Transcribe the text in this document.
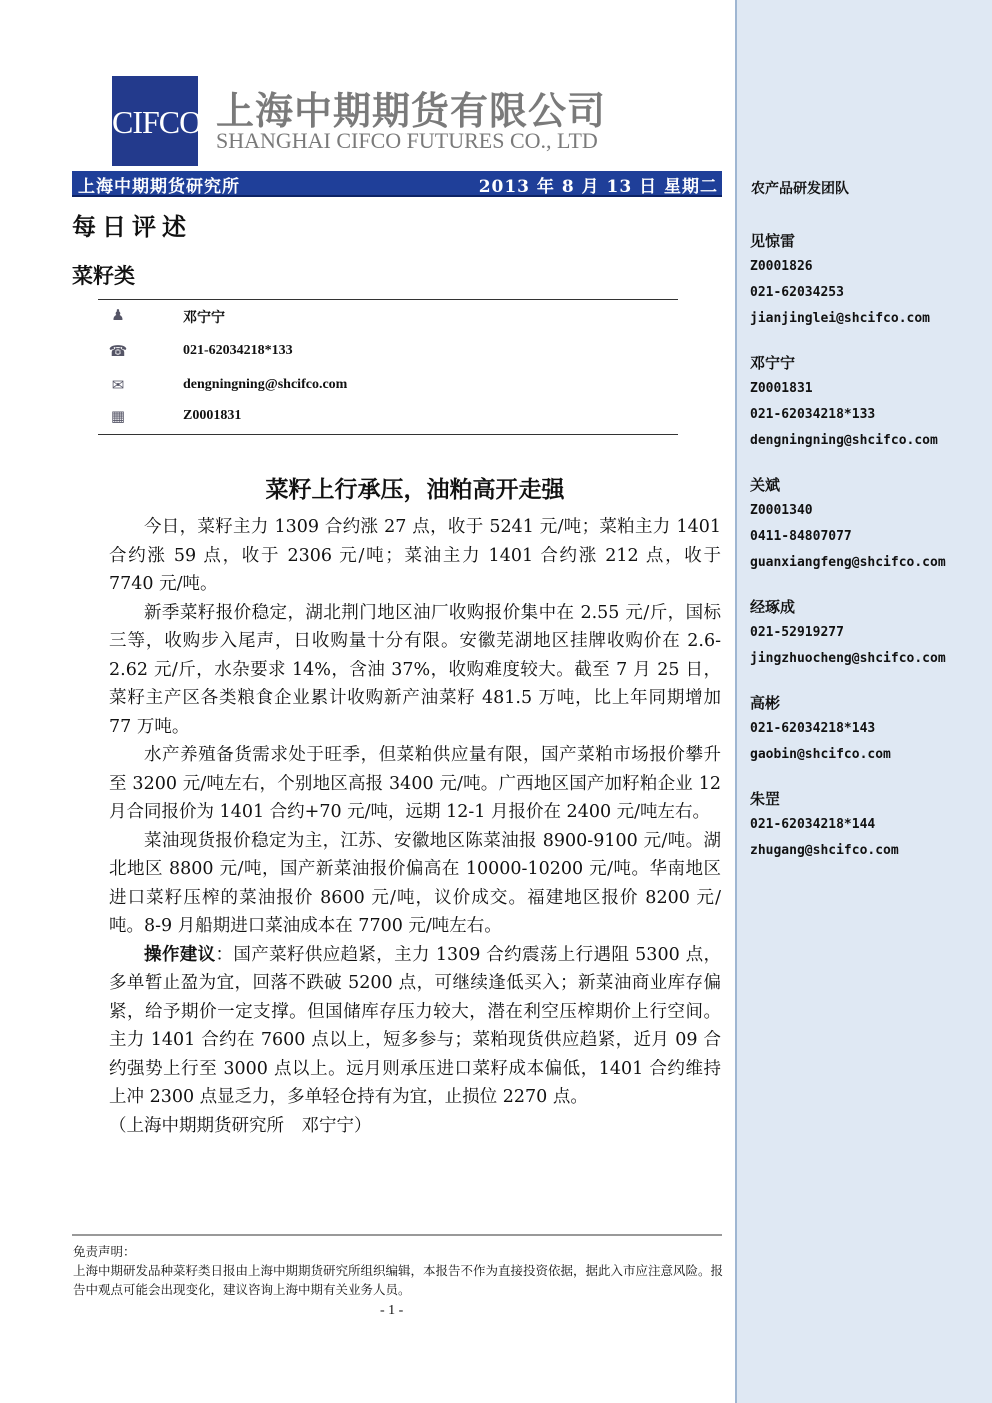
CIFCO 上海中期期货有限公司
SHANGHAI CIFCO FUTURES CO., LTD
上海中期期货研究所	2013 年 8 月 13 日 星期二
每日评述
菜籽类
♟	邓宁宁
☎	021-62034218*133
✉	dengningning@shcifco.com
▦	Z0001831
菜籽上行承压，油粕高开走强

今日，菜籽主力 1309 合约涨 27 点，收于 5241 元/吨；菜粕主力 1401 合约涨 59 点，收于 2306 元/吨；菜油主力 1401 合约涨 212 点，收于 7740 元/吨。

新季菜籽报价稳定，湖北荆门地区油厂收购报价集中在 2.55 元/斤，国标三等，收购步入尾声，日收购量十分有限。安徽芜湖地区挂牌收购价在 2.6-2.62 元/斤，水杂要求 14%，含油 37%，收购难度较大。截至 7 月 25 日，菜籽主产区各类粮食企业累计收购新产油菜籽 481.5 万吨，比上年同期增加 77 万吨。

水产养殖备货需求处于旺季，但菜粕供应量有限，国产菜粕市场报价攀升至 3200 元/吨左右，个别地区高报 3400 元/吨。广西地区国产加籽粕企业 12 月合同报价为 1401 合约+70 元/吨，远期 12-1 月报价在 2400 元/吨左右。

菜油现货报价稳定为主，江苏、安徽地区陈菜油报 8900-9100 元/吨。湖北地区 8800 元/吨，国产新菜油报价偏高在 10000-10200 元/吨。华南地区进口菜籽压榨的菜油报价 8600 元/吨，议价成交。福建地区报价 8200 元/吨。8-9 月船期进口菜油成本在 7700 元/吨左右。

操作建议：国产菜籽供应趋紧，主力 1309 合约震荡上行遇阻 5300 点，多单暂止盈为宜，回落不跌破 5200 点，可继续逢低买入；新菜油商业库存偏紧，给予期价一定支撑。但国储库存压力较大，潜在利空压榨期价上行空间。主力 1401 合约在 7600 点以上，短多参与；菜粕现货供应趋紧，近月 09 合约强势上行至 3000 点以上。远月则承压进口菜籽成本偏低，1401 合约维持上冲 2300 点显乏力，多单轻仓持有为宜，止损位 2270 点。

（上海中期期货研究所　邓宁宁）

免责声明：
上海中期研发品种菜籽类日报由上海中期期货研究所组织编辑，本报告不作为直接投资依据，据此入市应注意风险。报告中观点可能会出现变化，建议咨询上海中期有关业务人员。
- 1 -
农产品研发团队
见惊雷
Z0001826
021-62034253
jianjinglei@shcifco.com
邓宁宁
Z0001831
021-62034218*133
dengningning@shcifco.com
关斌
Z0001340
0411-84807077
guanxiangfeng@shcifco.com
经琢成
021-52919277
jingzhuocheng@shcifco.com
高彬
021-62034218*143
gaobin@shcifco.com
朱罡
021-62034218*144
zhugang@shcifco.com
